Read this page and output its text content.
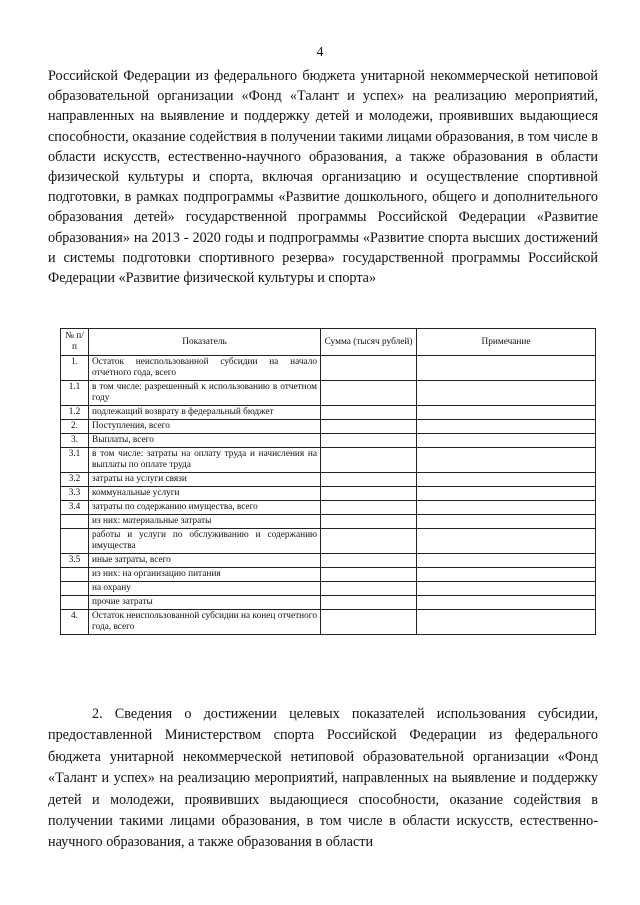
4

Российской Федерации из федерального бюджета унитарной некоммерческой нетиповой образовательной организации «Фонд «Талант и успех» на реализацию мероприятий, направленных на выявление и поддержку детей и молодежи, проявивших выдающиеся способности, оказание содействия в получении такими лицами образования, в том числе в области искусств, естественно-научного образования, а также образования в области физической культуры и спорта, включая организацию и осуществление спортивной подготовки, в рамках подпрограммы «Развитие дошкольного, общего и дополнительного образования детей» государственной программы Российской Федерации «Развитие образования» на 2013 - 2020 годы и подпрограммы «Развитие спорта высших достижений и системы подготовки спортивного резерва» государственной программы Российской Федерации «Развитие физической культуры и спорта»

№ п/п	Показатель	Сумма (тысяч рублей)	Примечание
1.	Остаток неиспользованной субсидии на начало отчетного года, всего		
1.1	в том числе: разрешенный к использованию в отчетном году		
1.2	подлежащий возврату в федеральный бюджет		
2.	Поступления, всего		
3.	Выплаты, всего		
3.1	в том числе: затраты на оплату труда и начисления на выплаты по оплате труда		
3.2	затраты на услуги связи		
3.3	коммунальные услуги		
3.4	затраты по содержанию имущества, всего		
	из них: материальные затраты		
	работы и услуги по обслуживанию и содержанию имущества		
3.5	иные затраты, всего		
	из них: на организацию питания		
	на охрану		
	прочие затраты		
4.	Остаток неиспользованной субсидии на конец отчетного года, всего		

2. Сведения о достижении целевых показателей использования субсидии, предоставленной Министерством спорта Российской Федерации из федерального бюджета унитарной некоммерческой нетиповой образовательной организации «Фонд «Талант и успех» на реализацию мероприятий, направленных на выявление и поддержку детей и молодежи, проявивших выдающиеся способности, оказание содействия в получении такими лицами образования, в том числе в области искусств, естественно-научного образования, а также образования в области
